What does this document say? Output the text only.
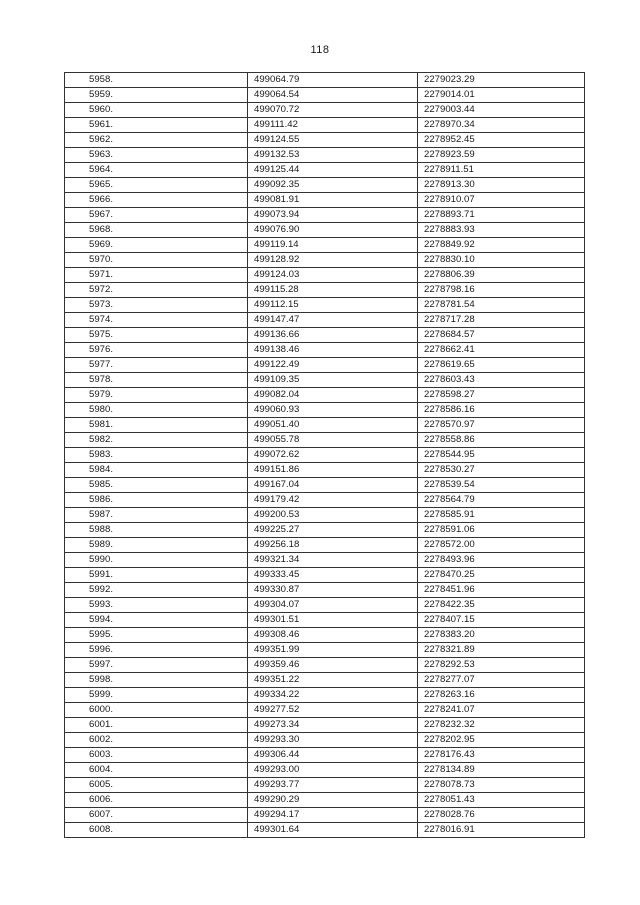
118
5958.	499064.79	2279023.29
5959.	499064.54	2279014.01
5960.	499070.72	2279003.44
5961.	499111.42	2278970.34
5962.	499124.55	2278952.45
5963.	499132.53	2278923.59
5964.	499125.44	2278911.51
5965.	499092.35	2278913.30
5966.	499081.91	2278910.07
5967.	499073.94	2278893.71
5968.	499076.90	2278883.93
5969.	499119.14	2278849.92
5970.	499128.92	2278830.10
5971.	499124.03	2278806.39
5972.	499115.28	2278798.16
5973.	499112.15	2278781.54
5974.	499147.47	2278717.28
5975.	499136.66	2278684.57
5976.	499138.46	2278662.41
5977.	499122.49	2278619.65
5978.	499109.35	2278603.43
5979.	499082.04	2278598.27
5980.	499060.93	2278586.16
5981.	499051.40	2278570.97
5982.	499055.78	2278558.86
5983.	499072.62	2278544.95
5984.	499151.86	2278530.27
5985.	499167.04	2278539.54
5986.	499179.42	2278564.79
5987.	499200.53	2278585.91
5988.	499225.27	2278591.06
5989.	499256.18	2278572.00
5990.	499321.34	2278493.96
5991.	499333.45	2278470.25
5992.	499330.87	2278451.96
5993.	499304.07	2278422.35
5994.	499301.51	2278407.15
5995.	499308.46	2278383.20
5996.	499351.99	2278321.89
5997.	499359.46	2278292.53
5998.	499351.22	2278277.07
5999.	499334.22	2278263.16
6000.	499277.52	2278241.07
6001.	499273.34	2278232.32
6002.	499293.30	2278202.95
6003.	499306.44	2278176.43
6004.	499293.00	2278134.89
6005.	499293.77	2278078.73
6006.	499290.29	2278051.43
6007.	499294.17	2278028.76
6008.	499301.64	2278016.91
